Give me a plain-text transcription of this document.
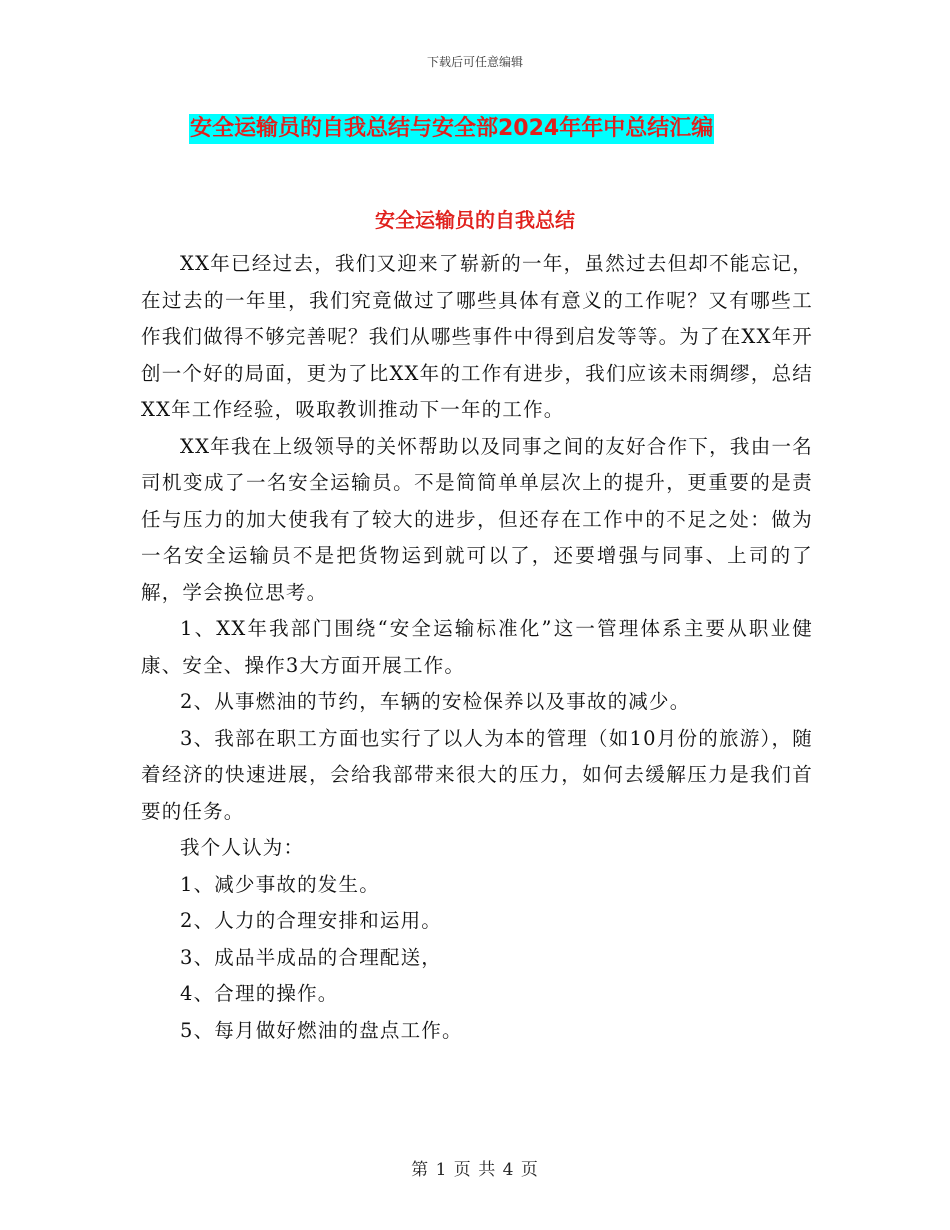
下载后可任意编辑
安全运输员的自我总结与安全部2024年年中总结汇编
安全运输员的自我总结

XX年已经过去，我们又迎来了崭新的一年，虽然过去但却不能忘记，在过去的一年里，我们究竟做过了哪些具体有意义的工作呢？又有哪些工作我们做得不够完善呢？我们从哪些事件中得到启发等等。为了在XX年开创一个好的局面，更为了比XX年的工作有进步，我们应该未雨绸缪，总结XX年工作经验，吸取教训推动下一年的工作。

XX年我在上级领导的关怀帮助以及同事之间的友好合作下，我由一名司机变成了一名安全运输员。不是简简单单层次上的提升，更重要的是责任与压力的加大使我有了较大的进步，但还存在工作中的不足之处：做为一名安全运输员不是把货物运到就可以了，还要增强与同事、上司的了解，学会换位思考。

1、XX年我部门围绕“安全运输标准化”这一管理体系主要从职业健康、安全、操作3大方面开展工作。

2、从事燃油的节约，车辆的安检保养以及事故的减少。

3、我部在职工方面也实行了以人为本的管理（如10月份的旅游），随着经济的快速进展，会给我部带来很大的压力，如何去缓解压力是我们首要的任务。

我个人认为：

1、减少事故的发生。

2、人力的合理安排和运用。

3、成品半成品的合理配送，

4、合理的操作。

5、每月做好燃油的盘点工作。

第 1 页 共 4 页
